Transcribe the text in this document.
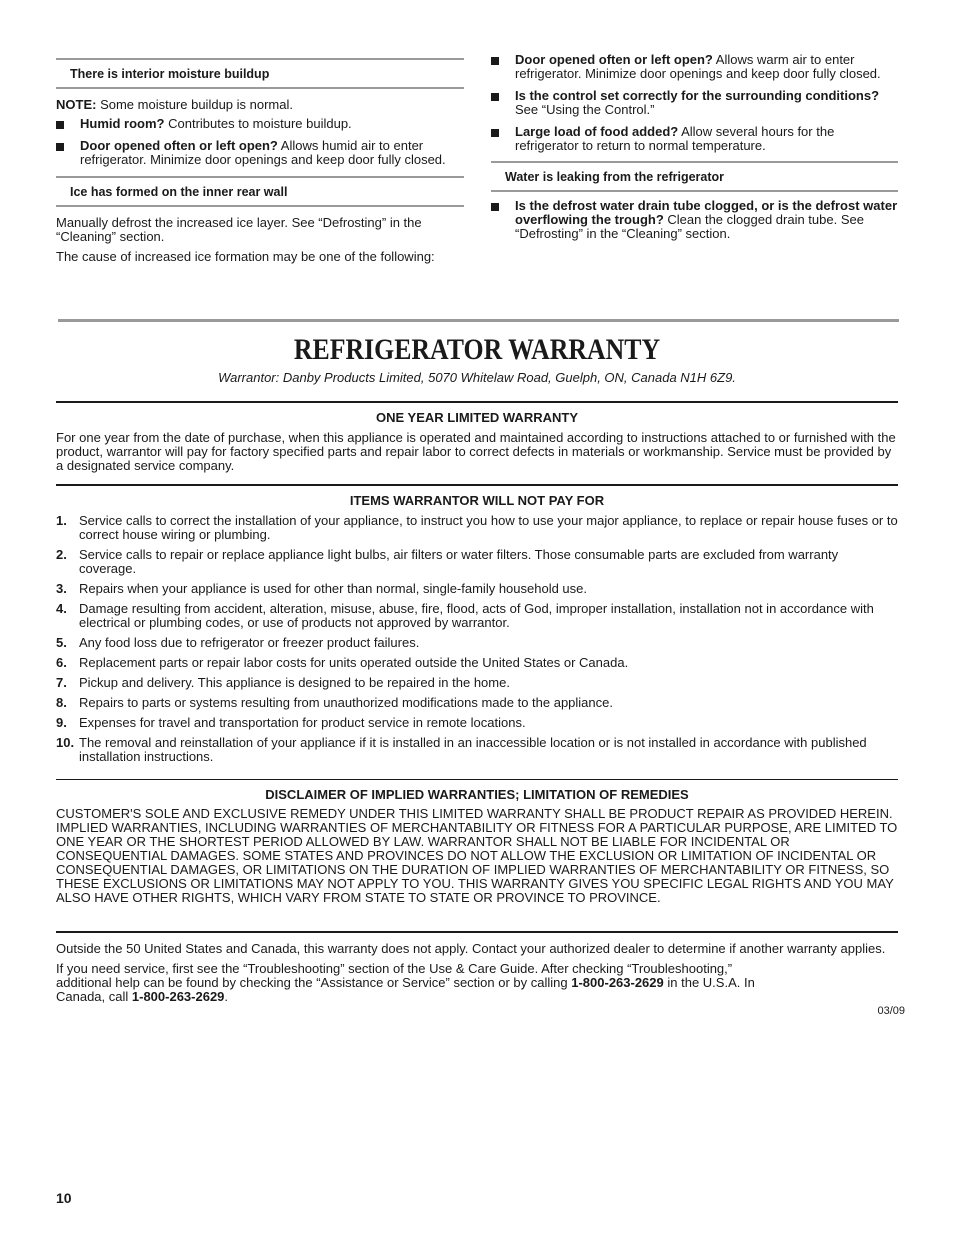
There is interior moisture buildup

NOTE: Some moisture buildup is normal.

Humid room? Contributes to moisture buildup.
Door opened often or left open? Allows humid air to enter refrigerator. Minimize door openings and keep door fully closed.
Ice has formed on the inner rear wall

Manually defrost the increased ice layer. See “Defrosting” in the “Cleaning” section.

The cause of increased ice formation may be one of the following:

Door opened often or left open? Allows warm air to enter refrigerator. Minimize door openings and keep door fully closed.
Is the control set correctly for the surrounding conditions? See “Using the Control.”
Large load of food added? Allow several hours for the refrigerator to return to normal temperature.
Water is leaking from the refrigerator
Is the defrost water drain tube clogged, or is the defrost water overflowing the trough? Clean the clogged drain tube. See “Defrosting” in the “Cleaning” section.
REFRIGERATOR WARRANTY
Warrantor: Danby Products Limited, 5070 Whitelaw Road, Guelph, ON, Canada N1H 6Z9.
ONE YEAR LIMITED WARRANTY

For one year from the date of purchase, when this appliance is operated and maintained according to instructions attached to or furnished with the product, warrantor will pay for factory specified parts and repair labor to correct defects in materials or workmanship. Service must be provided by a designated service company.

ITEMS WARRANTOR WILL NOT PAY FOR
1. Service calls to correct the installation of your appliance, to instruct you how to use your major appliance, to replace or repair house fuses or to correct house wiring or plumbing.
2. Service calls to repair or replace appliance light bulbs, air filters or water filters. Those consumable parts are excluded from warranty coverage.
3. Repairs when your appliance is used for other than normal, single-family household use.
4. Damage resulting from accident, alteration, misuse, abuse, fire, flood, acts of God, improper installation, installation not in accordance with electrical or plumbing codes, or use of products not approved by warrantor.
5. Any food loss due to refrigerator or freezer product failures.
6. Replacement parts or repair labor costs for units operated outside the United States or Canada.
7. Pickup and delivery. This appliance is designed to be repaired in the home.
8. Repairs to parts or systems resulting from unauthorized modifications made to the appliance.
9. Expenses for travel and transportation for product service in remote locations.
10. The removal and reinstallation of your appliance if it is installed in an inaccessible location or is not installed in accordance with published installation instructions.
DISCLAIMER OF IMPLIED WARRANTIES; LIMITATION OF REMEDIES

CUSTOMER'S SOLE AND EXCLUSIVE REMEDY UNDER THIS LIMITED WARRANTY SHALL BE PRODUCT REPAIR AS PROVIDED HEREIN. IMPLIED WARRANTIES, INCLUDING WARRANTIES OF MERCHANTABILITY OR FITNESS FOR A PARTICULAR PURPOSE, ARE LIMITED TO ONE YEAR OR THE SHORTEST PERIOD ALLOWED BY LAW. WARRANTOR SHALL NOT BE LIABLE FOR INCIDENTAL OR CONSEQUENTIAL DAMAGES. SOME STATES AND PROVINCES DO NOT ALLOW THE EXCLUSION OR LIMITATION OF INCIDENTAL OR CONSEQUENTIAL DAMAGES, OR LIMITATIONS ON THE DURATION OF IMPLIED WARRANTIES OF MERCHANTABILITY OR FITNESS, SO THESE EXCLUSIONS OR LIMITATIONS MAY NOT APPLY TO YOU. THIS WARRANTY GIVES YOU SPECIFIC LEGAL RIGHTS AND YOU MAY ALSO HAVE OTHER RIGHTS, WHICH VARY FROM STATE TO STATE OR PROVINCE TO PROVINCE.

Outside the 50 United States and Canada, this warranty does not apply. Contact your authorized dealer to determine if another warranty applies.

If you need service, first see the “Troubleshooting” section of the Use & Care Guide. After checking “Troubleshooting,” additional help can be found by checking the “Assistance or Service” section or by calling 1-800-263-2629 in the U.S.A. In Canada, call 1-800-263-2629.

03/09
10
